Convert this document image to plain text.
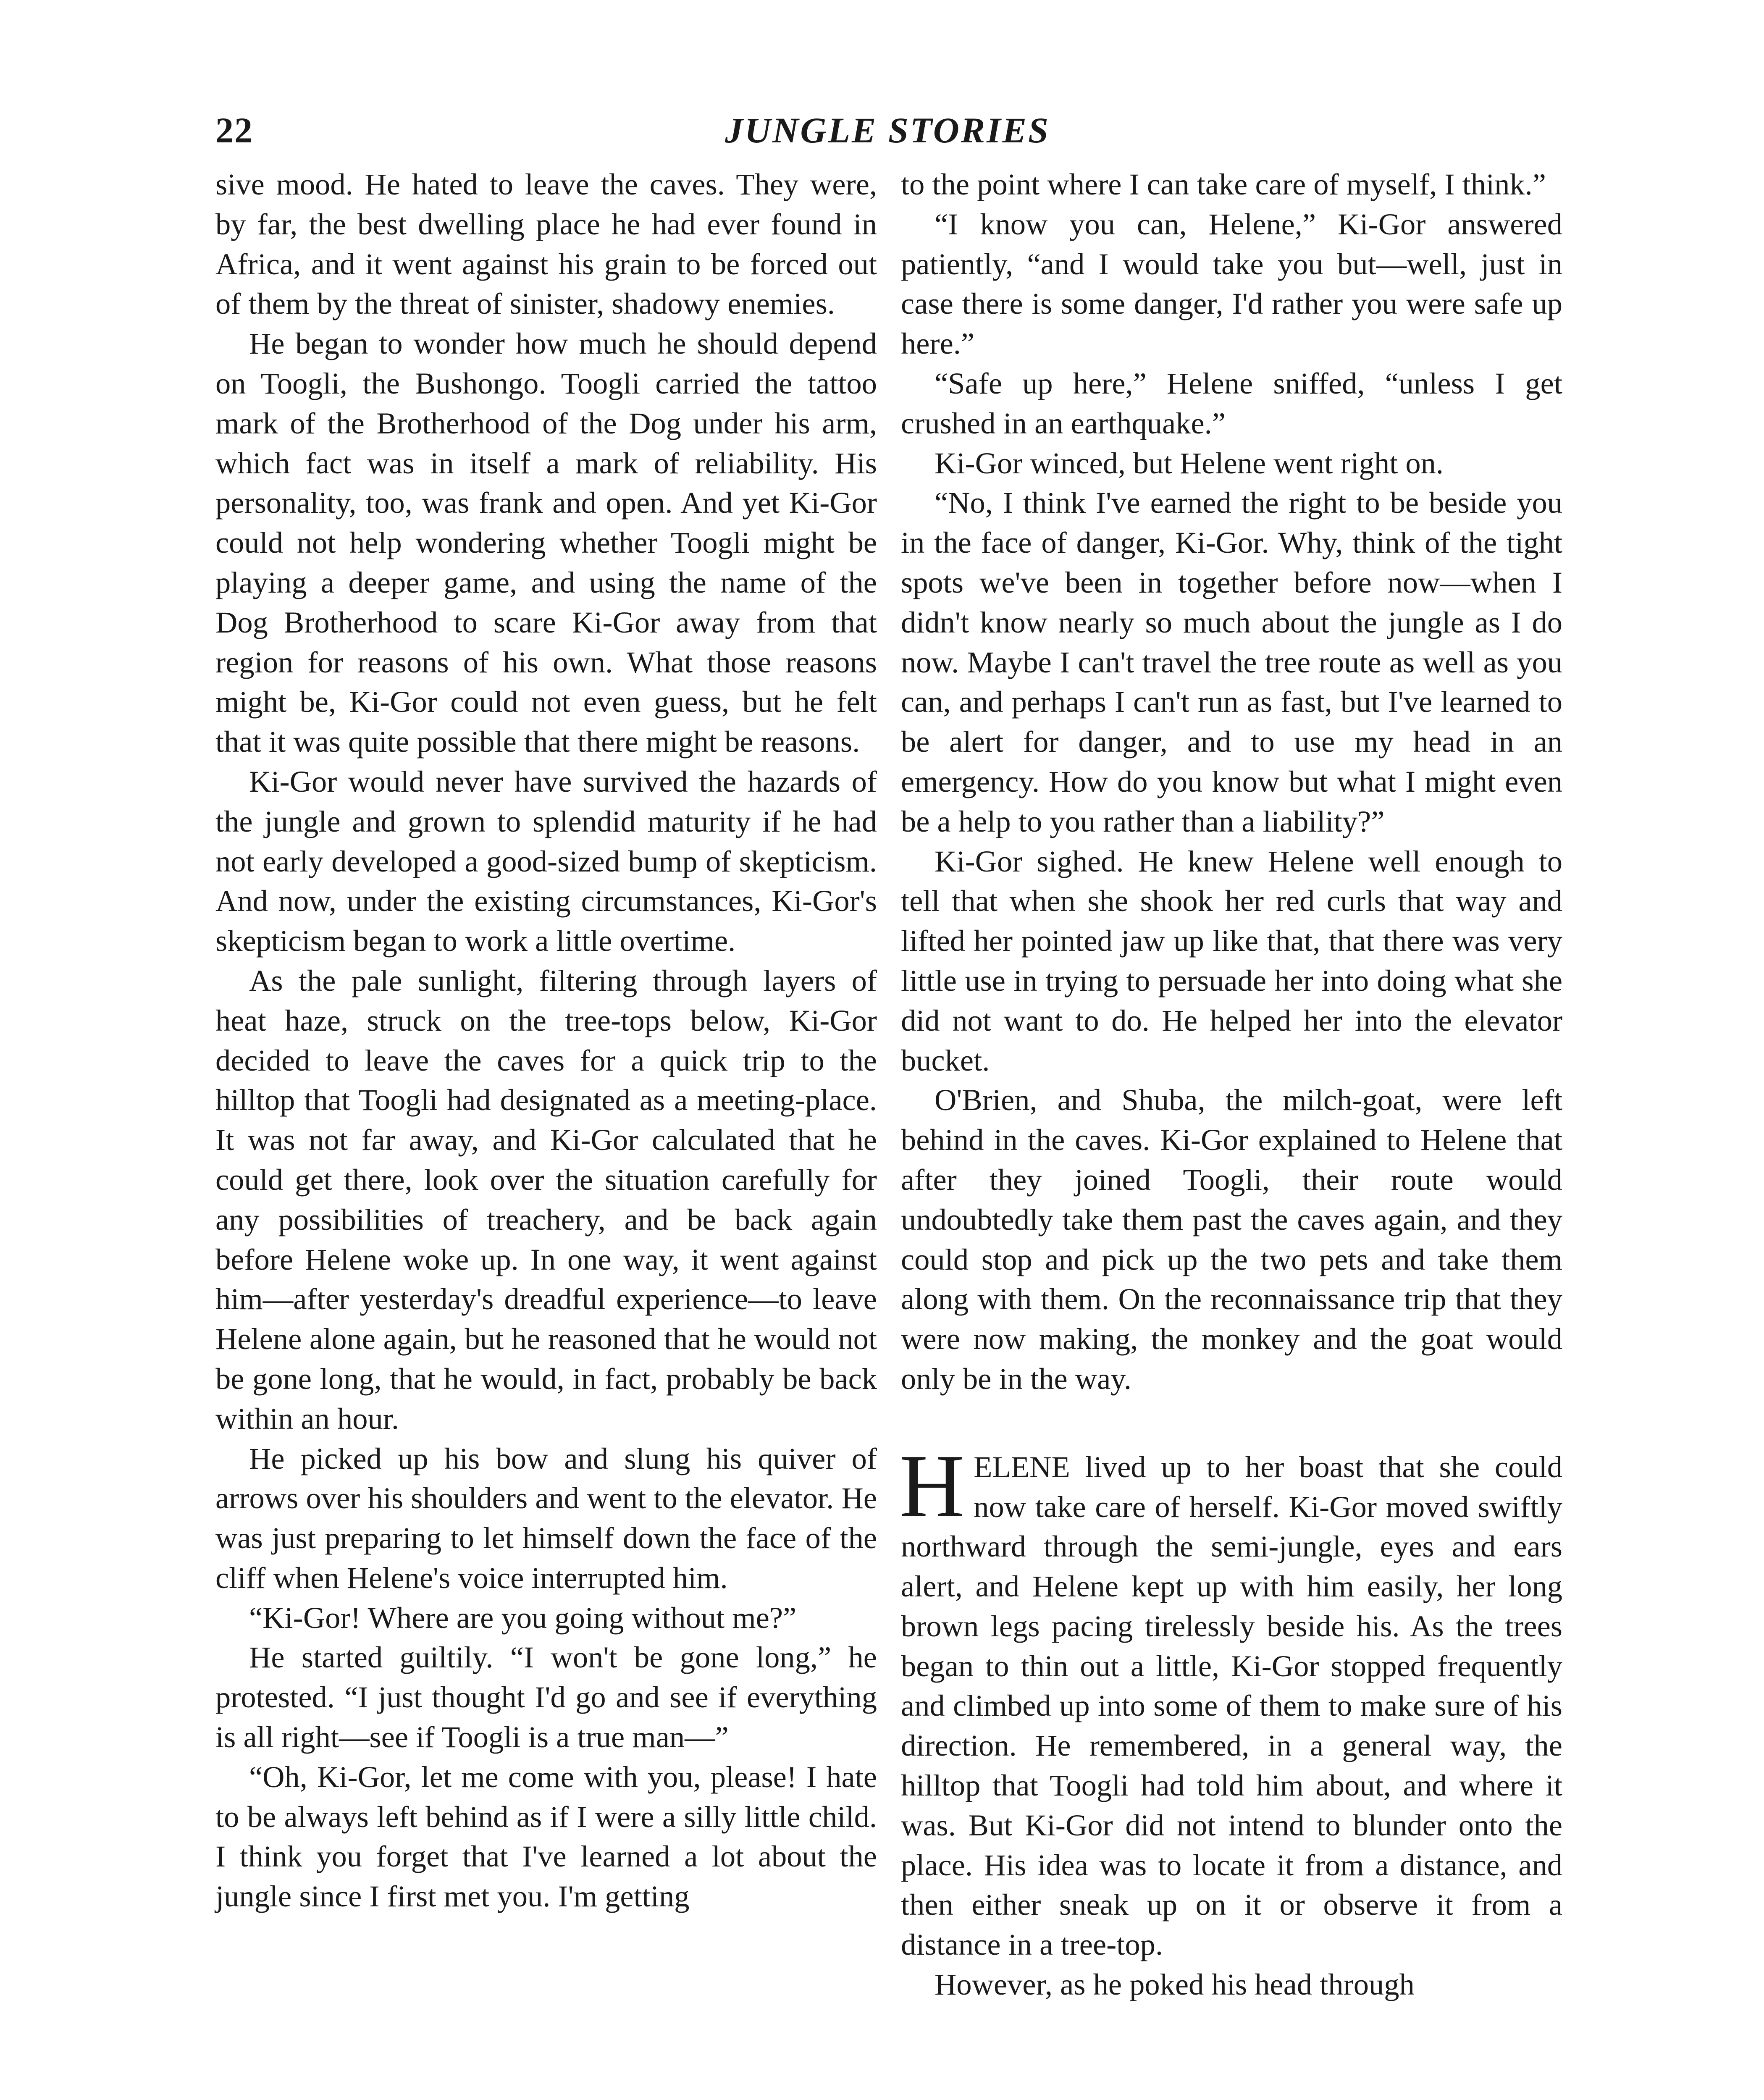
22	JUNGLE STORIES

sive mood. He hated to leave the caves. They were, by far, the best dwelling place he had ever found in Africa, and it went against his grain to be forced out of them by the threat of sinister, shadowy enemies.

He began to wonder how much he should depend on Toogli, the Bushongo. Toogli carried the tattoo mark of the Brotherhood of the Dog under his arm, which fact was in itself a mark of reliability. His personality, too, was frank and open. And yet Ki-Gor could not help wondering whether Toogli might be playing a deeper game, and using the name of the Dog Brotherhood to scare Ki-Gor away from that region for reasons of his own. What those reasons might be, Ki-Gor could not even guess, but he felt that it was quite possible that there might be reasons.

Ki-Gor would never have survived the hazards of the jungle and grown to splendid maturity if he had not early developed a good-sized bump of skepticism. And now, under the existing circumstances, Ki-Gor's skepticism began to work a little overtime.

As the pale sunlight, filtering through layers of heat haze, struck on the tree-tops below, Ki-Gor decided to leave the caves for a quick trip to the hilltop that Toogli had designated as a meeting-place. It was not far away, and Ki-Gor calculated that he could get there, look over the situation carefully for any possibilities of treachery, and be back again before Helene woke up. In one way, it went against him—after yesterday's dreadful experience—to leave Helene alone again, but he reasoned that he would not be gone long, that he would, in fact, probably be back within an hour.

He picked up his bow and slung his quiver of arrows over his shoulders and went to the elevator. He was just preparing to let himself down the face of the cliff when Helene's voice interrupted him.

“Ki-Gor! Where are you going without me?”

He started guiltily. “I won't be gone long,” he protested. “I just thought I'd go and see if everything is all right—see if Toogli is a true man—”

“Oh, Ki-Gor, let me come with you, please! I hate to be always left behind as if I were a silly little child. I think you forget that I've learned a lot about the jungle since I first met you. I'm getting

to the point where I can take care of myself, I think.”

“I know you can, Helene,” Ki-Gor answered patiently, “and I would take you but—well, just in case there is some danger, I'd rather you were safe up here.”

“Safe up here,” Helene sniffed, “unless I get crushed in an earthquake.”

Ki-Gor winced, but Helene went right on.

“No, I think I've earned the right to be beside you in the face of danger, Ki-Gor. Why, think of the tight spots we've been in together before now—when I didn't know nearly so much about the jungle as I do now. Maybe I can't travel the tree route as well as you can, and perhaps I can't run as fast, but I've learned to be alert for danger, and to use my head in an emergency. How do you know but what I might even be a help to you rather than a liability?”

Ki-Gor sighed. He knew Helene well enough to tell that when she shook her red curls that way and lifted her pointed jaw up like that, that there was very little use in trying to persuade her into doing what she did not want to do. He helped her into the elevator bucket.

O'Brien, and Shuba, the milch-goat, were left behind in the caves. Ki-Gor explained to Helene that after they joined Toogli, their route would undoubtedly take them past the caves again, and they could stop and pick up the two pets and take them along with them. On the reconnaissance trip that they were now making, the monkey and the goat would only be in the way.

HELENE lived up to her boast that she could now take care of herself. Ki-Gor moved swiftly northward through the semi-jungle, eyes and ears alert, and Helene kept up with him easily, her long brown legs pacing tirelessly beside his. As the trees began to thin out a little, Ki-Gor stopped frequently and climbed up into some of them to make sure of his direction. He remembered, in a general way, the hilltop that Toogli had told him about, and where it was. But Ki-Gor did not intend to blunder onto the place. His idea was to locate it from a distance, and then either sneak up on it or observe it from a distance in a tree-top.

However, as he poked his head through
